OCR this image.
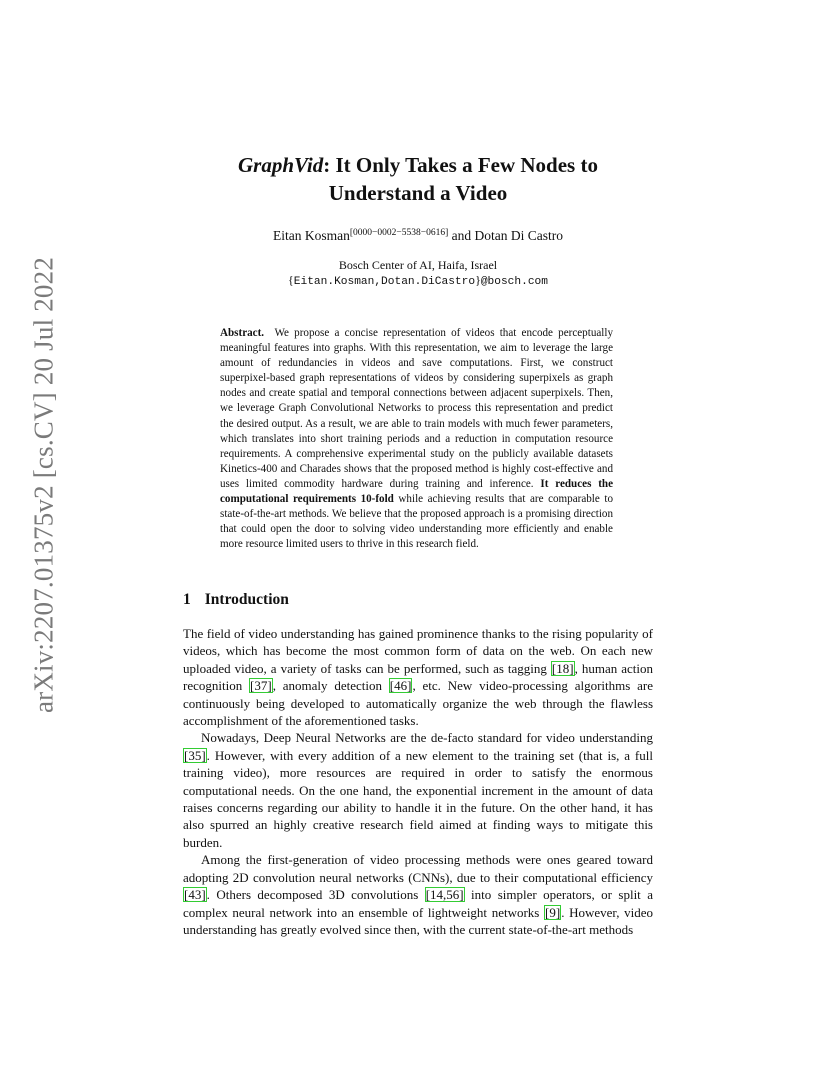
arXiv:2207.01375v2 [cs.CV] 20 Jul 2022
GraphVid: It Only Takes a Few Nodes to Understand a Video
Eitan Kosman[0000−0002−5538−0616] and Dotan Di Castro
Bosch Center of AI, Haifa, Israel
{Eitan.Kosman,Dotan.DiCastro}@bosch.com
Abstract. We propose a concise representation of videos that encode perceptually meaningful features into graphs. With this representation, we aim to leverage the large amount of redundancies in videos and save computations. First, we construct superpixel-based graph representations of videos by considering superpixels as graph nodes and create spatial and temporal connections between adjacent superpixels. Then, we leverage Graph Convolutional Networks to process this representation and predict the desired output. As a result, we are able to train models with much fewer parameters, which translates into short training periods and a reduction in computation resource requirements. A comprehensive experimental study on the publicly available datasets Kinetics-400 and Charades shows that the proposed method is highly cost-effective and uses limited commodity hardware during training and inference. It reduces the computational requirements 10-fold while achieving results that are comparable to state-of-the-art methods. We believe that the proposed approach is a promising direction that could open the door to solving video understanding more efficiently and enable more resource limited users to thrive in this research field.
1 Introduction

The field of video understanding has gained prominence thanks to the rising popularity of videos, which has become the most common form of data on the web. On each new uploaded video, a variety of tasks can be performed, such as tagging [18], human action recognition [37], anomaly detection [46], etc. New video-processing algorithms are continuously being developed to automatically organize the web through the flawless accomplishment of the aforementioned tasks.

Nowadays, Deep Neural Networks are the de-facto standard for video understanding [35]. However, with every addition of a new element to the training set (that is, a full training video), more resources are required in order to satisfy the enormous computational needs. On the one hand, the exponential increment in the amount of data raises concerns regarding our ability to handle it in the future. On the other hand, it has also spurred an highly creative research field aimed at finding ways to mitigate this burden.

Among the first-generation of video processing methods were ones geared toward adopting 2D convolution neural networks (CNNs), due to their computational efficiency [43]. Others decomposed 3D convolutions [14,56] into simpler operators, or split a complex neural network into an ensemble of lightweight networks [9]. However, video understanding has greatly evolved since then, with the current state-of-the-art methods
